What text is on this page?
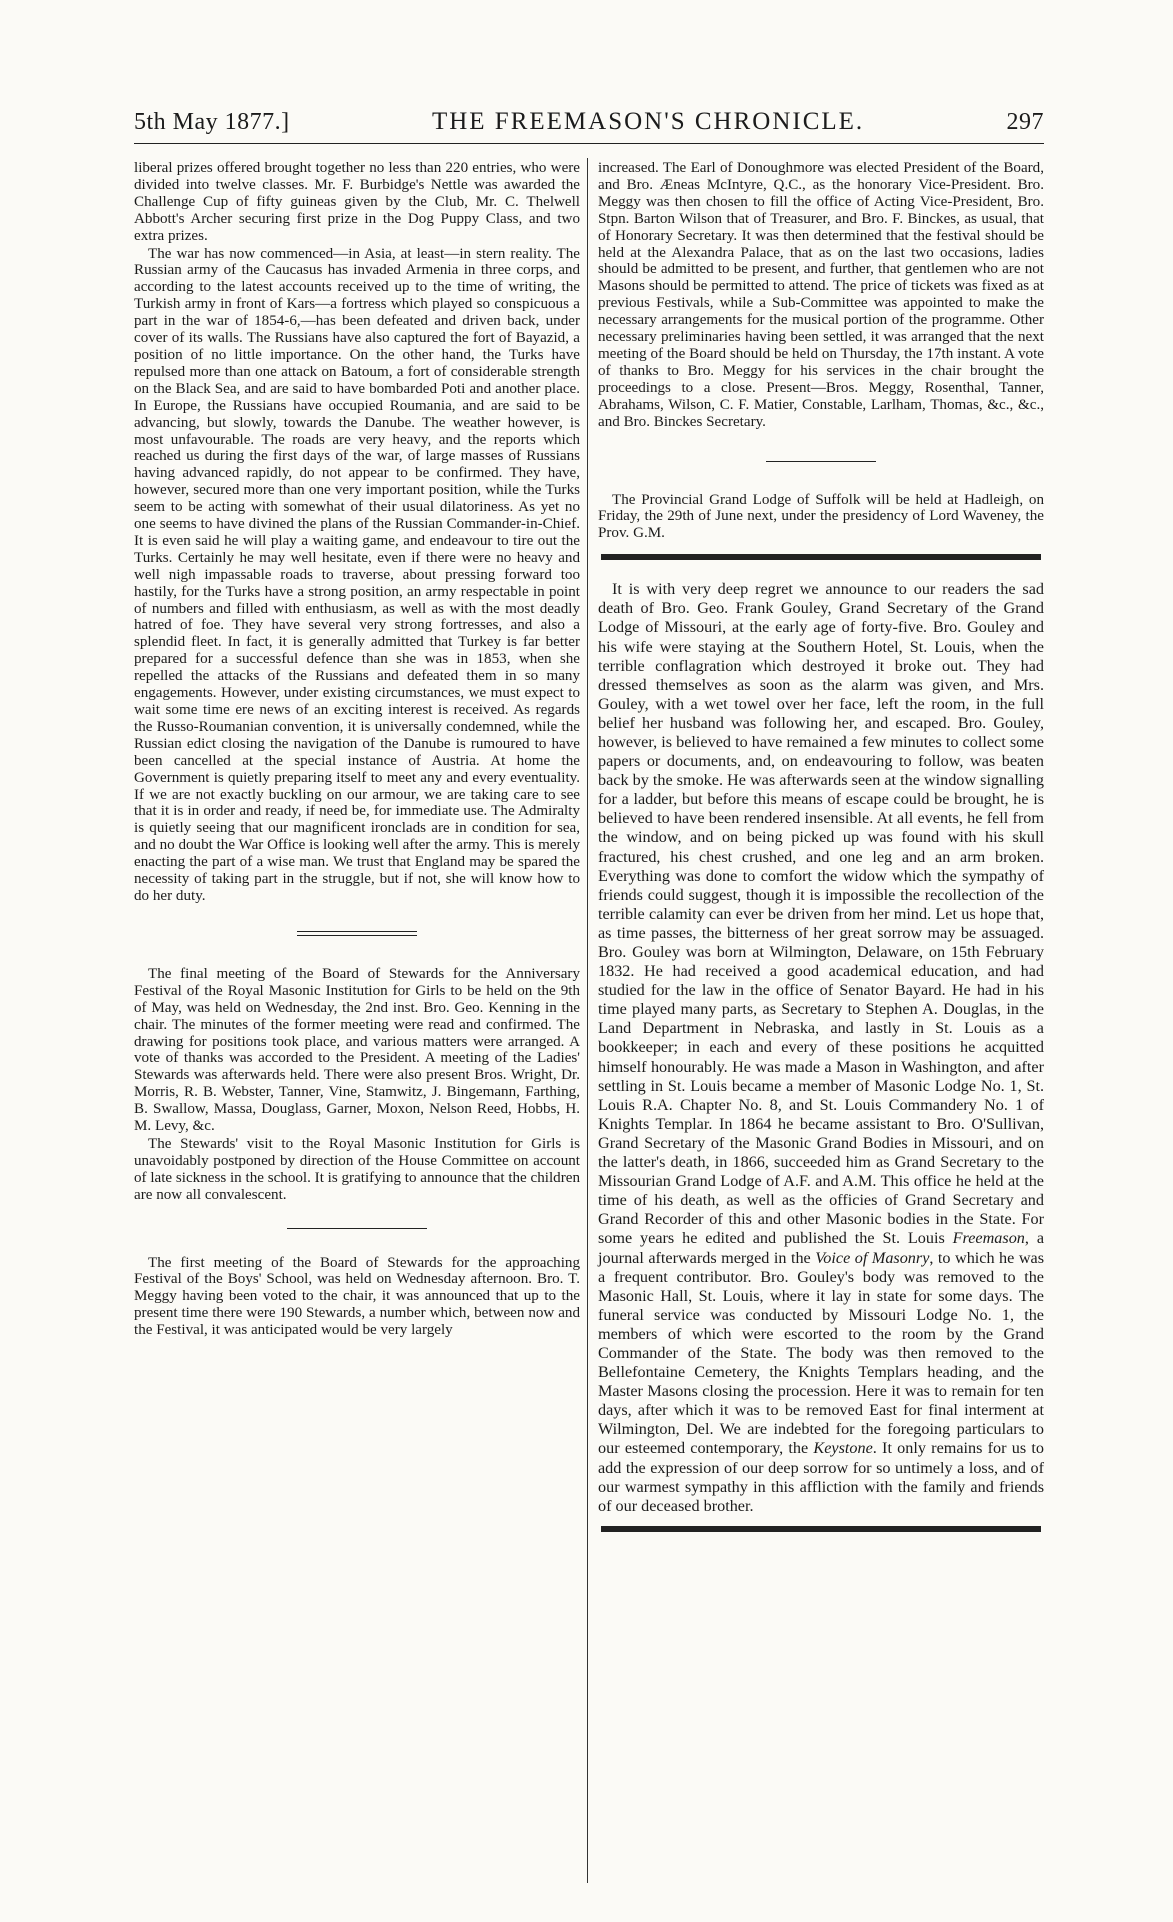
5th May 1877.]	THE FREEMASON'S CHRONICLE.	297

liberal prizes offered brought together no less than 220 entries, who were divided into twelve classes. Mr. F. Burbidge's Nettle was awarded the Challenge Cup of fifty guineas given by the Club, Mr. C. Thelwell Abbott's Archer securing first prize in the Dog Puppy Class, and two extra prizes.

The war has now commenced—in Asia, at least—in stern reality. The Russian army of the Caucasus has invaded Armenia in three corps, and according to the latest accounts received up to the time of writing, the Turkish army in front of Kars—a fortress which played so conspicuous a part in the war of 1854-6,—has been defeated and driven back, under cover of its walls. The Russians have also captured the fort of Bayazid, a position of no little importance. On the other hand, the Turks have repulsed more than one attack on Batoum, a fort of considerable strength on the Black Sea, and are said to have bombarded Poti and another place. In Europe, the Russians have occupied Roumania, and are said to be advancing, but slowly, towards the Danube. The weather however, is most unfavourable. The roads are very heavy, and the reports which reached us during the first days of the war, of large masses of Russians having advanced rapidly, do not appear to be confirmed. They have, however, secured more than one very important position, while the Turks seem to be acting with somewhat of their usual dilatoriness. As yet no one seems to have divined the plans of the Russian Commander-in-Chief. It is even said he will play a waiting game, and endeavour to tire out the Turks. Certainly he may well hesitate, even if there were no heavy and well nigh impassable roads to traverse, about pressing forward too hastily, for the Turks have a strong position, an army respectable in point of numbers and filled with enthusiasm, as well as with the most deadly hatred of foe. They have several very strong fortresses, and also a splendid fleet. In fact, it is generally admitted that Turkey is far better prepared for a successful defence than she was in 1853, when she repelled the attacks of the Russians and defeated them in so many engagements. However, under existing circumstances, we must expect to wait some time ere news of an exciting interest is received. As regards the Russo-Roumanian convention, it is universally condemned, while the Russian edict closing the navigation of the Danube is rumoured to have been cancelled at the special instance of Austria. At home the Government is quietly preparing itself to meet any and every eventuality. If we are not exactly buckling on our armour, we are taking care to see that it is in order and ready, if need be, for immediate use. The Admiralty is quietly seeing that our magnificent ironclads are in condition for sea, and no doubt the War Office is looking well after the army. This is merely enacting the part of a wise man. We trust that England may be spared the necessity of taking part in the struggle, but if not, she will know how to do her duty.

The final meeting of the Board of Stewards for the Anniversary Festival of the Royal Masonic Institution for Girls to be held on the 9th of May, was held on Wednesday, the 2nd inst. Bro. Geo. Kenning in the chair. The minutes of the former meeting were read and confirmed. The drawing for positions took place, and various matters were arranged. A vote of thanks was accorded to the President. A meeting of the Ladies' Stewards was afterwards held. There were also present Bros. Wright, Dr. Morris, R. B. Webster, Tanner, Vine, Stamwitz, J. Bingemann, Farthing, B. Swallow, Massa, Douglass, Garner, Moxon, Nelson Reed, Hobbs, H. M. Levy, &c.

The Stewards' visit to the Royal Masonic Institution for Girls is unavoidably postponed by direction of the House Committee on account of late sickness in the school. It is gratifying to announce that the children are now all convalescent.

The first meeting of the Board of Stewards for the approaching Festival of the Boys' School, was held on Wednesday afternoon. Bro. T. Meggy having been voted to the chair, it was announced that up to the present time there were 190 Stewards, a number which, between now and the Festival, it was anticipated would be very largely

increased. The Earl of Donoughmore was elected President of the Board, and Bro. Æneas McIntyre, Q.C., as the honorary Vice-President. Bro. Meggy was then chosen to fill the office of Acting Vice-President, Bro. Stpn. Barton Wilson that of Treasurer, and Bro. F. Binckes, as usual, that of Honorary Secretary. It was then determined that the festival should be held at the Alexandra Palace, that as on the last two occasions, ladies should be admitted to be present, and further, that gentlemen who are not Masons should be permitted to attend. The price of tickets was fixed as at previous Festivals, while a Sub-Committee was appointed to make the necessary arrangements for the musical portion of the programme. Other necessary preliminaries having been settled, it was arranged that the next meeting of the Board should be held on Thursday, the 17th instant. A vote of thanks to Bro. Meggy for his services in the chair brought the proceedings to a close. Present—Bros. Meggy, Rosenthal, Tanner, Abrahams, Wilson, C. F. Matier, Constable, Larlham, Thomas, &c., &c., and Bro. Binckes Secretary.

The Provincial Grand Lodge of Suffolk will be held at Hadleigh, on Friday, the 29th of June next, under the presidency of Lord Waveney, the Prov. G.M.

It is with very deep regret we announce to our readers the sad death of Bro. Geo. Frank Gouley, Grand Secretary of the Grand Lodge of Missouri, at the early age of forty-five. Bro. Gouley and his wife were staying at the Southern Hotel, St. Louis, when the terrible conflagration which destroyed it broke out. They had dressed themselves as soon as the alarm was given, and Mrs. Gouley, with a wet towel over her face, left the room, in the full belief her husband was following her, and escaped. Bro. Gouley, however, is believed to have remained a few minutes to collect some papers or documents, and, on endeavouring to follow, was beaten back by the smoke. He was afterwards seen at the window signalling for a ladder, but before this means of escape could be brought, he is believed to have been rendered insensible. At all events, he fell from the window, and on being picked up was found with his skull fractured, his chest crushed, and one leg and an arm broken. Everything was done to comfort the widow which the sympathy of friends could suggest, though it is impossible the recollection of the terrible calamity can ever be driven from her mind. Let us hope that, as time passes, the bitterness of her great sorrow may be assuaged. Bro. Gouley was born at Wilmington, Delaware, on 15th February 1832. He had received a good academical education, and had studied for the law in the office of Senator Bayard. He had in his time played many parts, as Secretary to Stephen A. Douglas, in the Land Department in Nebraska, and lastly in St. Louis as a bookkeeper; in each and every of these positions he acquitted himself honourably. He was made a Mason in Washington, and after settling in St. Louis became a member of Masonic Lodge No. 1, St. Louis R.A. Chapter No. 8, and St. Louis Commandery No. 1 of Knights Templar. In 1864 he became assistant to Bro. O'Sullivan, Grand Secretary of the Masonic Grand Bodies in Missouri, and on the latter's death, in 1866, succeeded him as Grand Secretary to the Missourian Grand Lodge of A.F. and A.M. This office he held at the time of his death, as well as the officies of Grand Secretary and Grand Recorder of this and other Masonic bodies in the State. For some years he edited and published the St. Louis Freemason, a journal afterwards merged in the Voice of Masonry, to which he was a frequent contributor. Bro. Gouley's body was removed to the Masonic Hall, St. Louis, where it lay in state for some days. The funeral service was conducted by Missouri Lodge No. 1, the members of which were escorted to the room by the Grand Commander of the State. The body was then removed to the Bellefontaine Cemetery, the Knights Templars heading, and the Master Masons closing the procession. Here it was to remain for ten days, after which it was to be removed East for final interment at Wilmington, Del. We are indebted for the foregoing particulars to our esteemed contemporary, the Keystone. It only remains for us to add the expression of our deep sorrow for so untimely a loss, and of our warmest sympathy in this affliction with the family and friends of our deceased brother.
